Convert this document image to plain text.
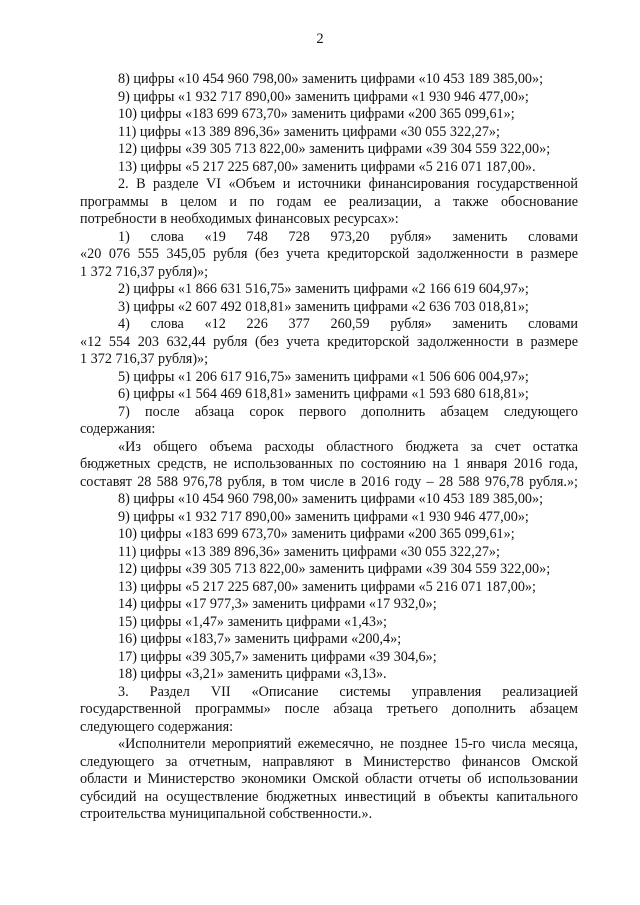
2
8) цифры «10 454 960 798,00» заменить цифрами «10 453 189 385,00»;
9) цифры «1 932 717 890,00» заменить цифрами «1 930 946 477,00»;
10) цифры «183 699 673,70» заменить цифрами «200 365 099,61»;
11) цифры «13 389 896,36» заменить цифрами «30 055 322,27»;
12) цифры «39 305 713 822,00» заменить цифрами «39 304 559 322,00»;
13) цифры «5 217 225 687,00» заменить цифрами «5 216 071 187,00».
2. В разделе VI «Объем и источники финансирования государственной
программы в целом и по годам ее реализации, а также обоснование
потребности в необходимых финансовых ресурсах»:
1) слова «19 748 728 973,20 рубля» заменить словами
«20 076 555 345,05 рубля (без учета кредиторской задолженности в размере
1 372 716,37 рубля)»;
2) цифры «1 866 631 516,75» заменить цифрами «2 166 619 604,97»;
3) цифры «2 607 492 018,81» заменить цифрами «2 636 703 018,81»;
4) слова «12 226 377 260,59 рубля» заменить словами
«12 554 203 632,44 рубля (без учета кредиторской задолженности в размере
1 372 716,37 рубля)»;
5) цифры «1 206 617 916,75» заменить цифрами «1 506 606 004,97»;
6) цифры «1 564 469 618,81» заменить цифрами «1 593 680 618,81»;
7) после абзаца сорок первого дополнить абзацем следующего
содержания:
«Из общего объема расходы областного бюджета за счет остатка
бюджетных средств, не использованных по состоянию на 1 января 2016 года,
составят 28 588 976,78 рубля, в том числе в 2016 году – 28 588 976,78 рубля.»;
8) цифры «10 454 960 798,00» заменить цифрами «10 453 189 385,00»;
9) цифры «1 932 717 890,00» заменить цифрами «1 930 946 477,00»;
10) цифры «183 699 673,70» заменить цифрами «200 365 099,61»;
11) цифры «13 389 896,36» заменить цифрами «30 055 322,27»;
12) цифры «39 305 713 822,00» заменить цифрами «39 304 559 322,00»;
13) цифры «5 217 225 687,00» заменить цифрами «5 216 071 187,00»;
14) цифры «17 977,3» заменить цифрами «17 932,0»;
15) цифры «1,47» заменить цифрами «1,43»;
16) цифры «183,7» заменить цифрами «200,4»;
17) цифры «39 305,7» заменить цифрами «39 304,6»;
18) цифры «3,21» заменить цифрами «3,13».
3. Раздел VII «Описание системы управления реализацией
государственной программы» после абзаца третьего дополнить абзацем
следующего содержания:
«Исполнители мероприятий ежемесячно, не позднее 15-го числа месяца,
следующего за отчетным, направляют в Министерство финансов Омской
области и Министерство экономики Омской области отчеты об использовании
субсидий на осуществление бюджетных инвестиций в объекты капитального
строительства муниципальной собственности.».
